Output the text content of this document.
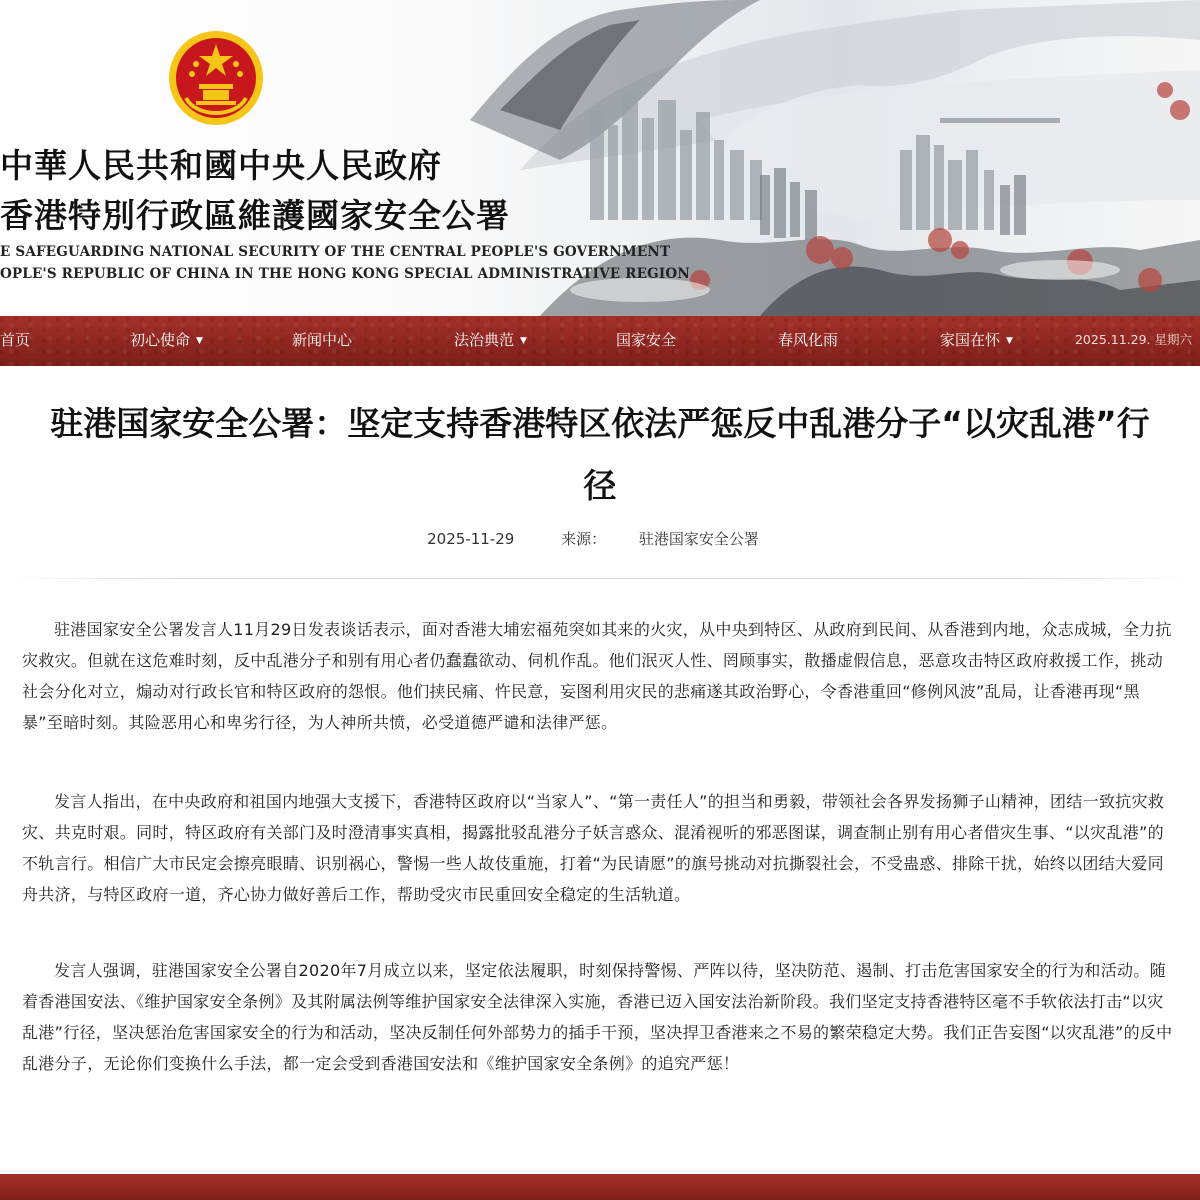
中華人民共和國中央人民政府
香港特別行政區維護國家安全公署
E SAFEGUARDING NATIONAL SECURITY OF THE CENTRAL PEOPLE'S GOVERNMENT
OPLE'S REPUBLIC OF CHINA IN THE HONG KONG SPECIAL ADMINISTRATIVE REGION
首页	初心使命 ▼	新闻中心	法治典范 ▼	国家安全	春风化雨	家国在怀 ▼	2025.11.29. 星期六
驻港国家安全公署：坚定支持香港特区依法严惩反中乱港分子“以灾乱港”行
径
2025-11-29	来源： 驻港国家安全公署

驻港国家安全公署发言人11月29日发表谈话表示，面对香港大埔宏福苑突如其来的火灾，从中央到特区、从政府到民间、从香港到内地，众志成城，全力抗灾救灾。但就在这危难时刻，反中乱港分子和别有用心者仍蠢蠢欲动、伺机作乱。他们泯灭人性、罔顾事实，散播虚假信息，恶意攻击特区政府救援工作，挑动社会分化对立，煽动对行政长官和特区政府的怨恨。他们挟民痛、忤民意，妄图利用灾民的悲痛遂其政治野心，令香港重回“修例风波”乱局，让香港再现“黑暴”至暗时刻。其险恶用心和卑劣行径，为人神所共愤，必受道德严谴和法律严惩。

发言人指出，在中央政府和祖国内地强大支援下，香港特区政府以“当家人”、“第一责任人”的担当和勇毅，带领社会各界发扬狮子山精神，团结一致抗灾救灾、共克时艰。同时，特区政府有关部门及时澄清事实真相，揭露批驳乱港分子妖言惑众、混淆视听的邪恶图谋，调查制止别有用心者借灾生事、“以灾乱港”的不轨言行。相信广大市民定会擦亮眼睛、识别祸心，警惕一些人故伎重施，打着“为民请愿”的旗号挑动对抗撕裂社会，不受蛊惑、排除干扰，始终以团结大爱同舟共济，与特区政府一道，齐心协力做好善后工作，帮助受灾市民重回安全稳定的生活轨道。

发言人强调，驻港国家安全公署自2020年7月成立以来，坚定依法履职，时刻保持警惕、严阵以待，坚决防范、遏制、打击危害国家安全的行为和活动。随着香港国安法、《维护国家安全条例》及其附属法例等维护国家安全法律深入实施，香港已迈入国安法治新阶段。我们坚定支持香港特区毫不手软依法打击“以灾乱港”行径，坚决惩治危害国家安全的行为和活动，坚决反制任何外部势力的插手干预，坚决捍卫香港来之不易的繁荣稳定大势。我们正告妄图“以灾乱港”的反中乱港分子，无论你们变换什么手法，都一定会受到香港国安法和《维护国家安全条例》的追究严惩！
